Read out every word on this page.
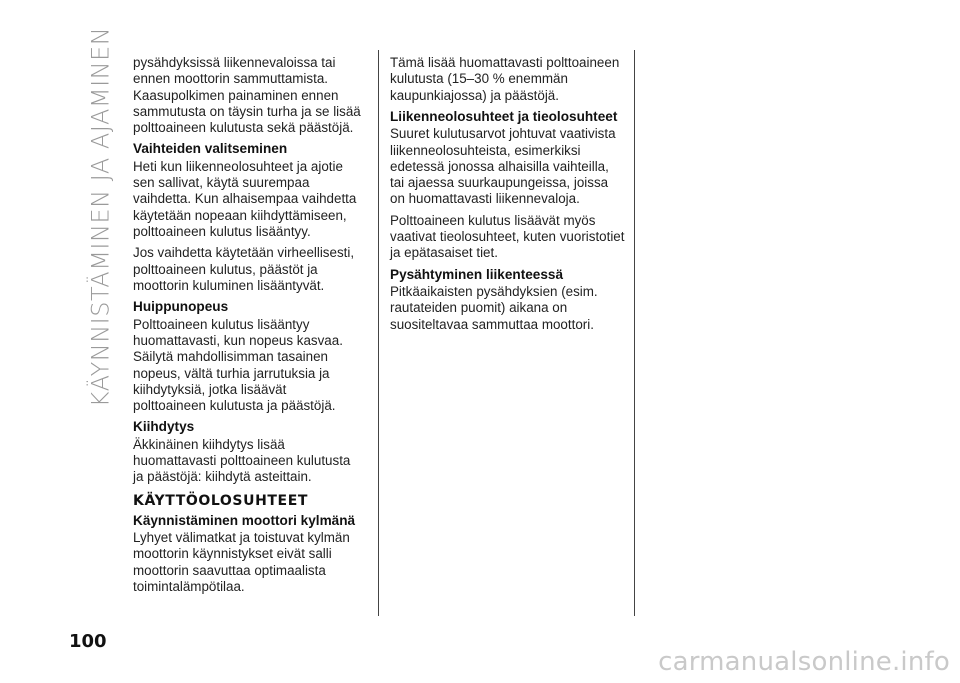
KÄYNNISTÄMINEN JA AJAMINEN pysähdyksissä liikennevaloissa tai ennen moottorin sammuttamista. Kaasupolkimen painaminen ennen sammutusta on täysin turha ja se lisää polttoaineen kulutusta sekä päästöjä.

Vaihteiden valitseminen

Heti kun liikenneolosuhteet ja ajotie sen sallivat, käytä suurempaa vaihdetta. Kun alhaisempaa vaihdetta käytetään nopeaan kiihdyttämiseen, polttoaineen kulutus lisääntyy.

Jos vaihdetta käytetään virheellisesti, polttoaineen kulutus, päästöt ja moottorin kuluminen lisääntyvät.

Huippunopeus

Polttoaineen kulutus lisääntyy huomattavasti, kun nopeus kasvaa. Säilytä mahdollisimman tasainen nopeus, vältä turhia jarrutuksia ja kiihdytyksiä, jotka lisäävät polttoaineen kulutusta ja päästöjä.

Kiihdytys

Äkkinäinen kiihdytys lisää huomattavasti polttoaineen kulutusta ja päästöjä: kiihdytä asteittain.

KÄYTTÖOLOSUHTEET
Käynnistäminen moottori kylmänä

Lyhyet välimatkat ja toistuvat kylmän moottorin käynnistykset eivät salli moottorin saavuttaa optimaalista toimintalämpötilaa.

Tämä lisää huomattavasti polttoaineen kulutusta (15–30 % enemmän kaupunkiajossa) ja päästöjä.

Liikenneolosuhteet ja tieolosuhteet

Suuret kulutusarvot johtuvat vaativista liikenneolosuhteista, esimerkiksi edetessä jonossa alhaisilla vaihteilla, tai ajaessa suurkaupungeissa, joissa on huomattavasti liikennevaloja.

Polttoaineen kulutus lisäävät myös vaativat tieolosuhteet, kuten vuoristotiet ja epätasaiset tiet.

Pysähtyminen liikenteessä

Pitkäaikaisten pysähdyksien (esim. rautateiden puomit) aikana on suositeltavaa sammuttaa moottori.

100
carmanualsonline.info
